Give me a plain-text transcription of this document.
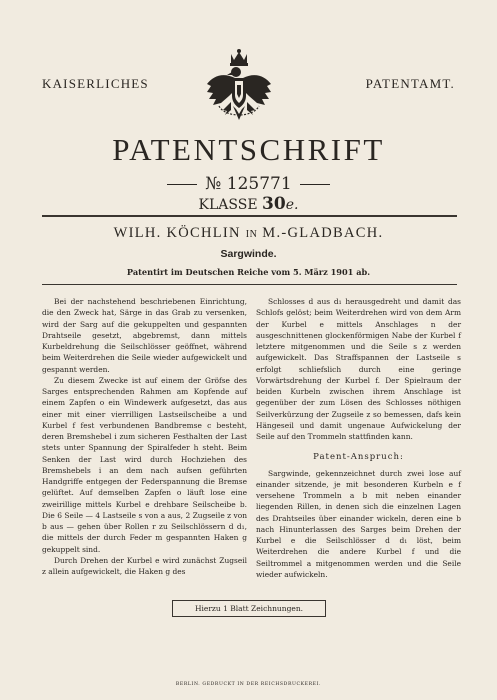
KAISERLICHES	PATENTAMT.
PATENTSCHRIFT
№ 125771
KLASSE 30e.
WILH. KÖCHLIN IN M.-GLADBACH.
Sargwinde.
Patentirt im Deutschen Reiche vom 5. März 1901 ab.

Bei der nachstehend beschriebenen Einrichtung, die den Zweck hat, Särge in das Grab zu versenken, wird der Sarg auf die gekuppelten und gespannten Drahtseile gesetzt, abgebremst, dann mittels Kurbeldrehung die Seilschlösser geöffnet, während beim Weiterdrehen die Seile wieder aufgewickelt und gespannt werden.

Zu diesem Zwecke ist auf einem der Gröfse des Sarges entsprechenden Rahmen am Kopfende auf einem Zapfen o ein Windewerk aufgesetzt, das aus einer mit einer vierrilligen Lastseilscheibe a und Kurbel f fest verbundenen Bandbremse c besteht, deren Bremshebel i zum sicheren Festhalten der Last stets unter Spannung der Spiralfeder h steht. Beim Senken der Last wird durch Hochziehen des Bremshebels i an dem nach aufsen geführten Handgriffe entgegen der Federspannung die Bremse gelüftet. Auf demselben Zapfen o läuft lose eine zweirillige mittels Kurbel e drehbare Seilscheibe b. Die 6 Seile — 4 Lastseile s von a aus, 2 Zugseile z von b aus — gehen über Rollen r zu Seilschlössern d d₁, die mittels der durch Feder m gespannten Haken g gekuppelt sind.

Durch Drehen der Kurbel e wird zunächst Zugseil z allein aufgewickelt, die Haken g des

Schlosses d aus d₁ herausgedreht und damit das Schlofs gelöst; beim Weiterdrehen wird von dem Arm der Kurbel e mittels Anschlages n der ausgeschnittenen glockenförmigen Nabe der Kurbel f letztere mitgenommen und die Seile s z werden aufgewickelt. Das Straffspannen der Lastseile s erfolgt schliefslich durch eine geringe Vorwärtsdrehung der Kurbel f. Der Spielraum der beiden Kurbeln zwischen ihrem Anschlage ist gegenüber der zum Lösen des Schlosses nöthigen Seilverkürzung der Zugseile z so bemessen, dafs kein Hängeseil und damit ungenaue Aufwickelung der Seile auf den Trommeln stattfinden kann.

Patent-Anspruch:

Sargwinde, gekennzeichnet durch zwei lose auf einander sitzende, je mit besonderen Kurbeln e f versehene Trommeln a b mit neben einander liegenden Rillen, in denen sich die einzelnen Lagen des Drahtseiles über einander wickeln, deren eine b nach Hinunterlassen des Sarges beim Drehen der Kurbel e die Seilschlösser d d₁ löst, beim Weiterdrehen die andere Kurbel f und die Seiltrommel a mitgenommen werden und die Seile wieder aufwickeln.

Hierzu 1 Blatt Zeichnungen.
BERLIN. GEDRUCKT IN DER REICHSDRUCKEREI.
